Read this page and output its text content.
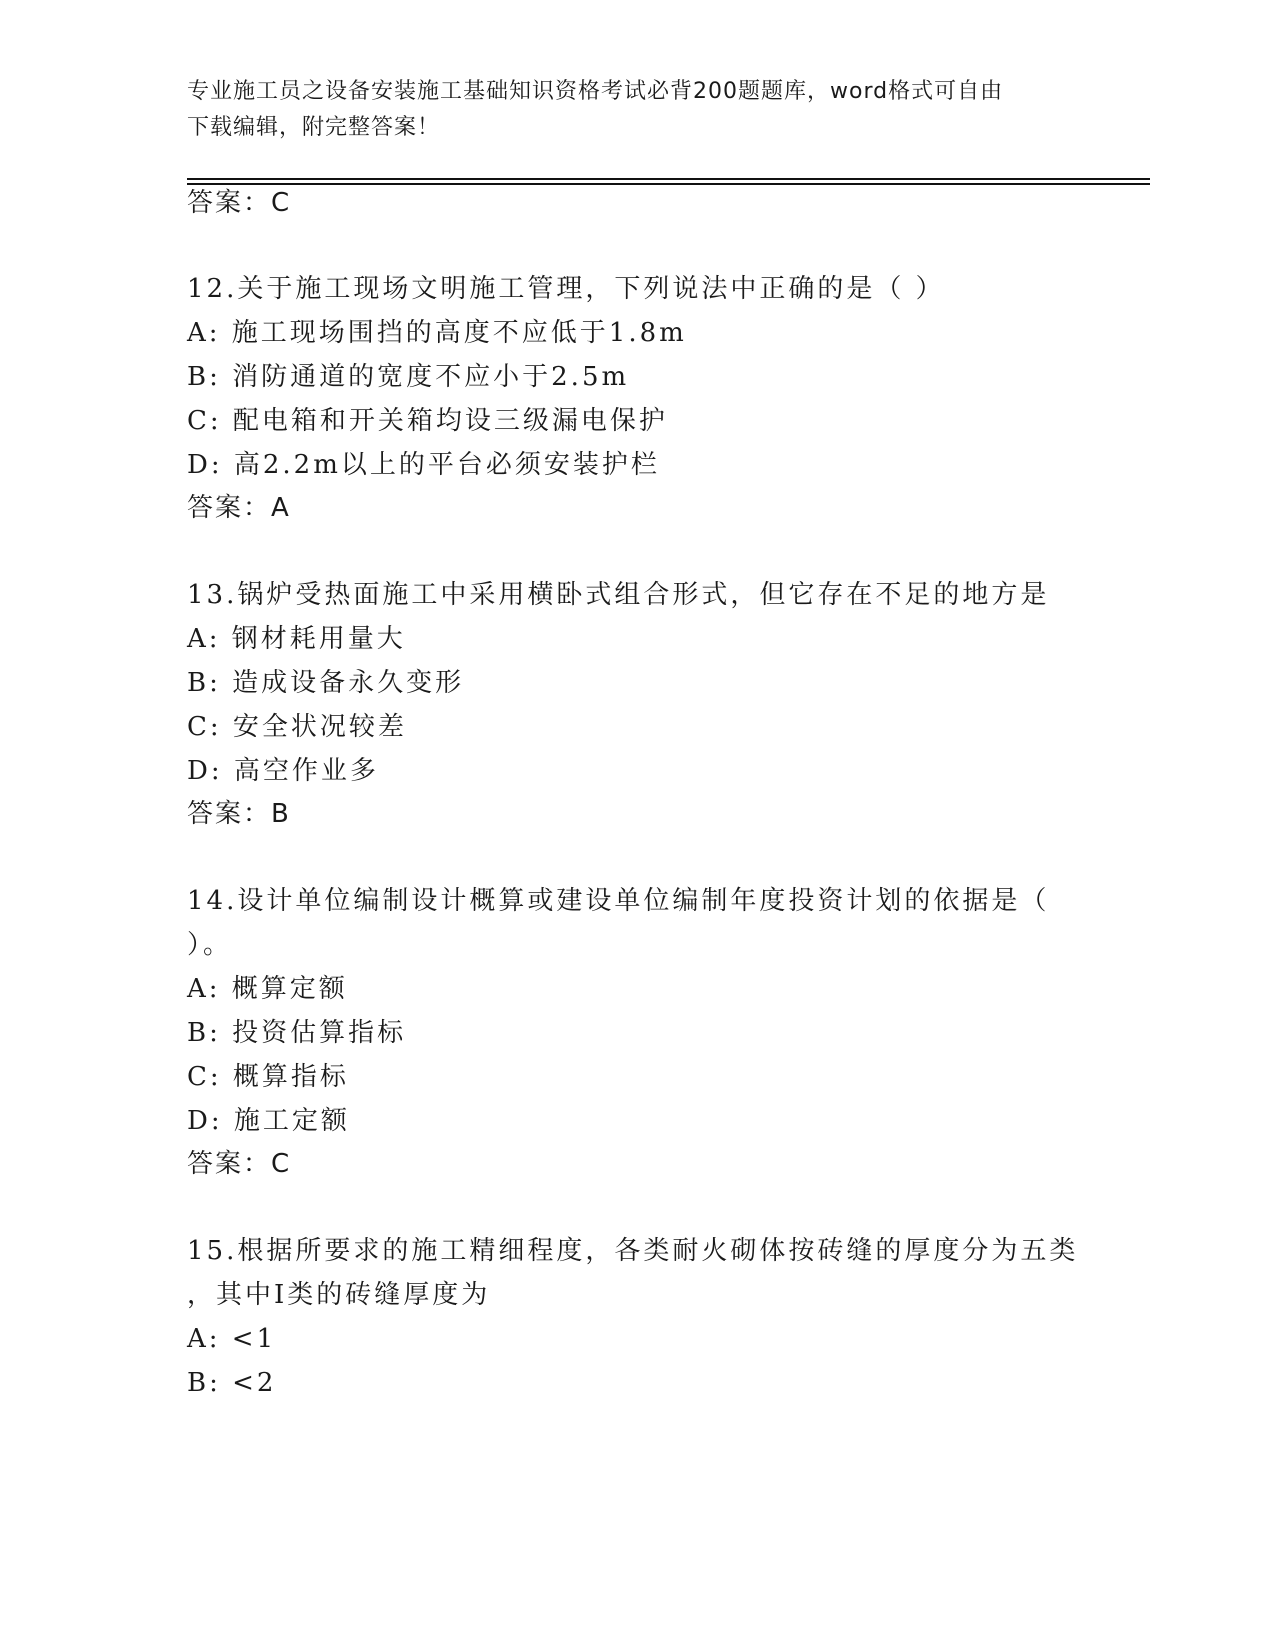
专业施工员之设备安装施工基础知识资格考试必背200题题库，word格式可自由
下载编辑，附完整答案！
答案：C
12.关于施工现场文明施工管理，下列说法中正确的是（ ）
A: 施工现场围挡的高度不应低于1.8m
B: 消防通道的宽度不应小于2.5m
C: 配电箱和开关箱均设三级漏电保护
D: 高2.2m以上的平台必须安装护栏
答案：A
13.锅炉受热面施工中采用横卧式组合形式，但它存在不足的地方是
A: 钢材耗用量大
B: 造成设备永久变形
C: 安全状况较差
D: 高空作业多
答案：B
14.设计单位编制设计概算或建设单位编制年度投资计划的依据是（
）。
A: 概算定额
B: 投资估算指标
C: 概算指标
D: 施工定额
答案：C
15.根据所要求的施工精细程度，各类耐火砌体按砖缝的厚度分为五类
，其中I类的砖缝厚度为
A: <1
B: <2
